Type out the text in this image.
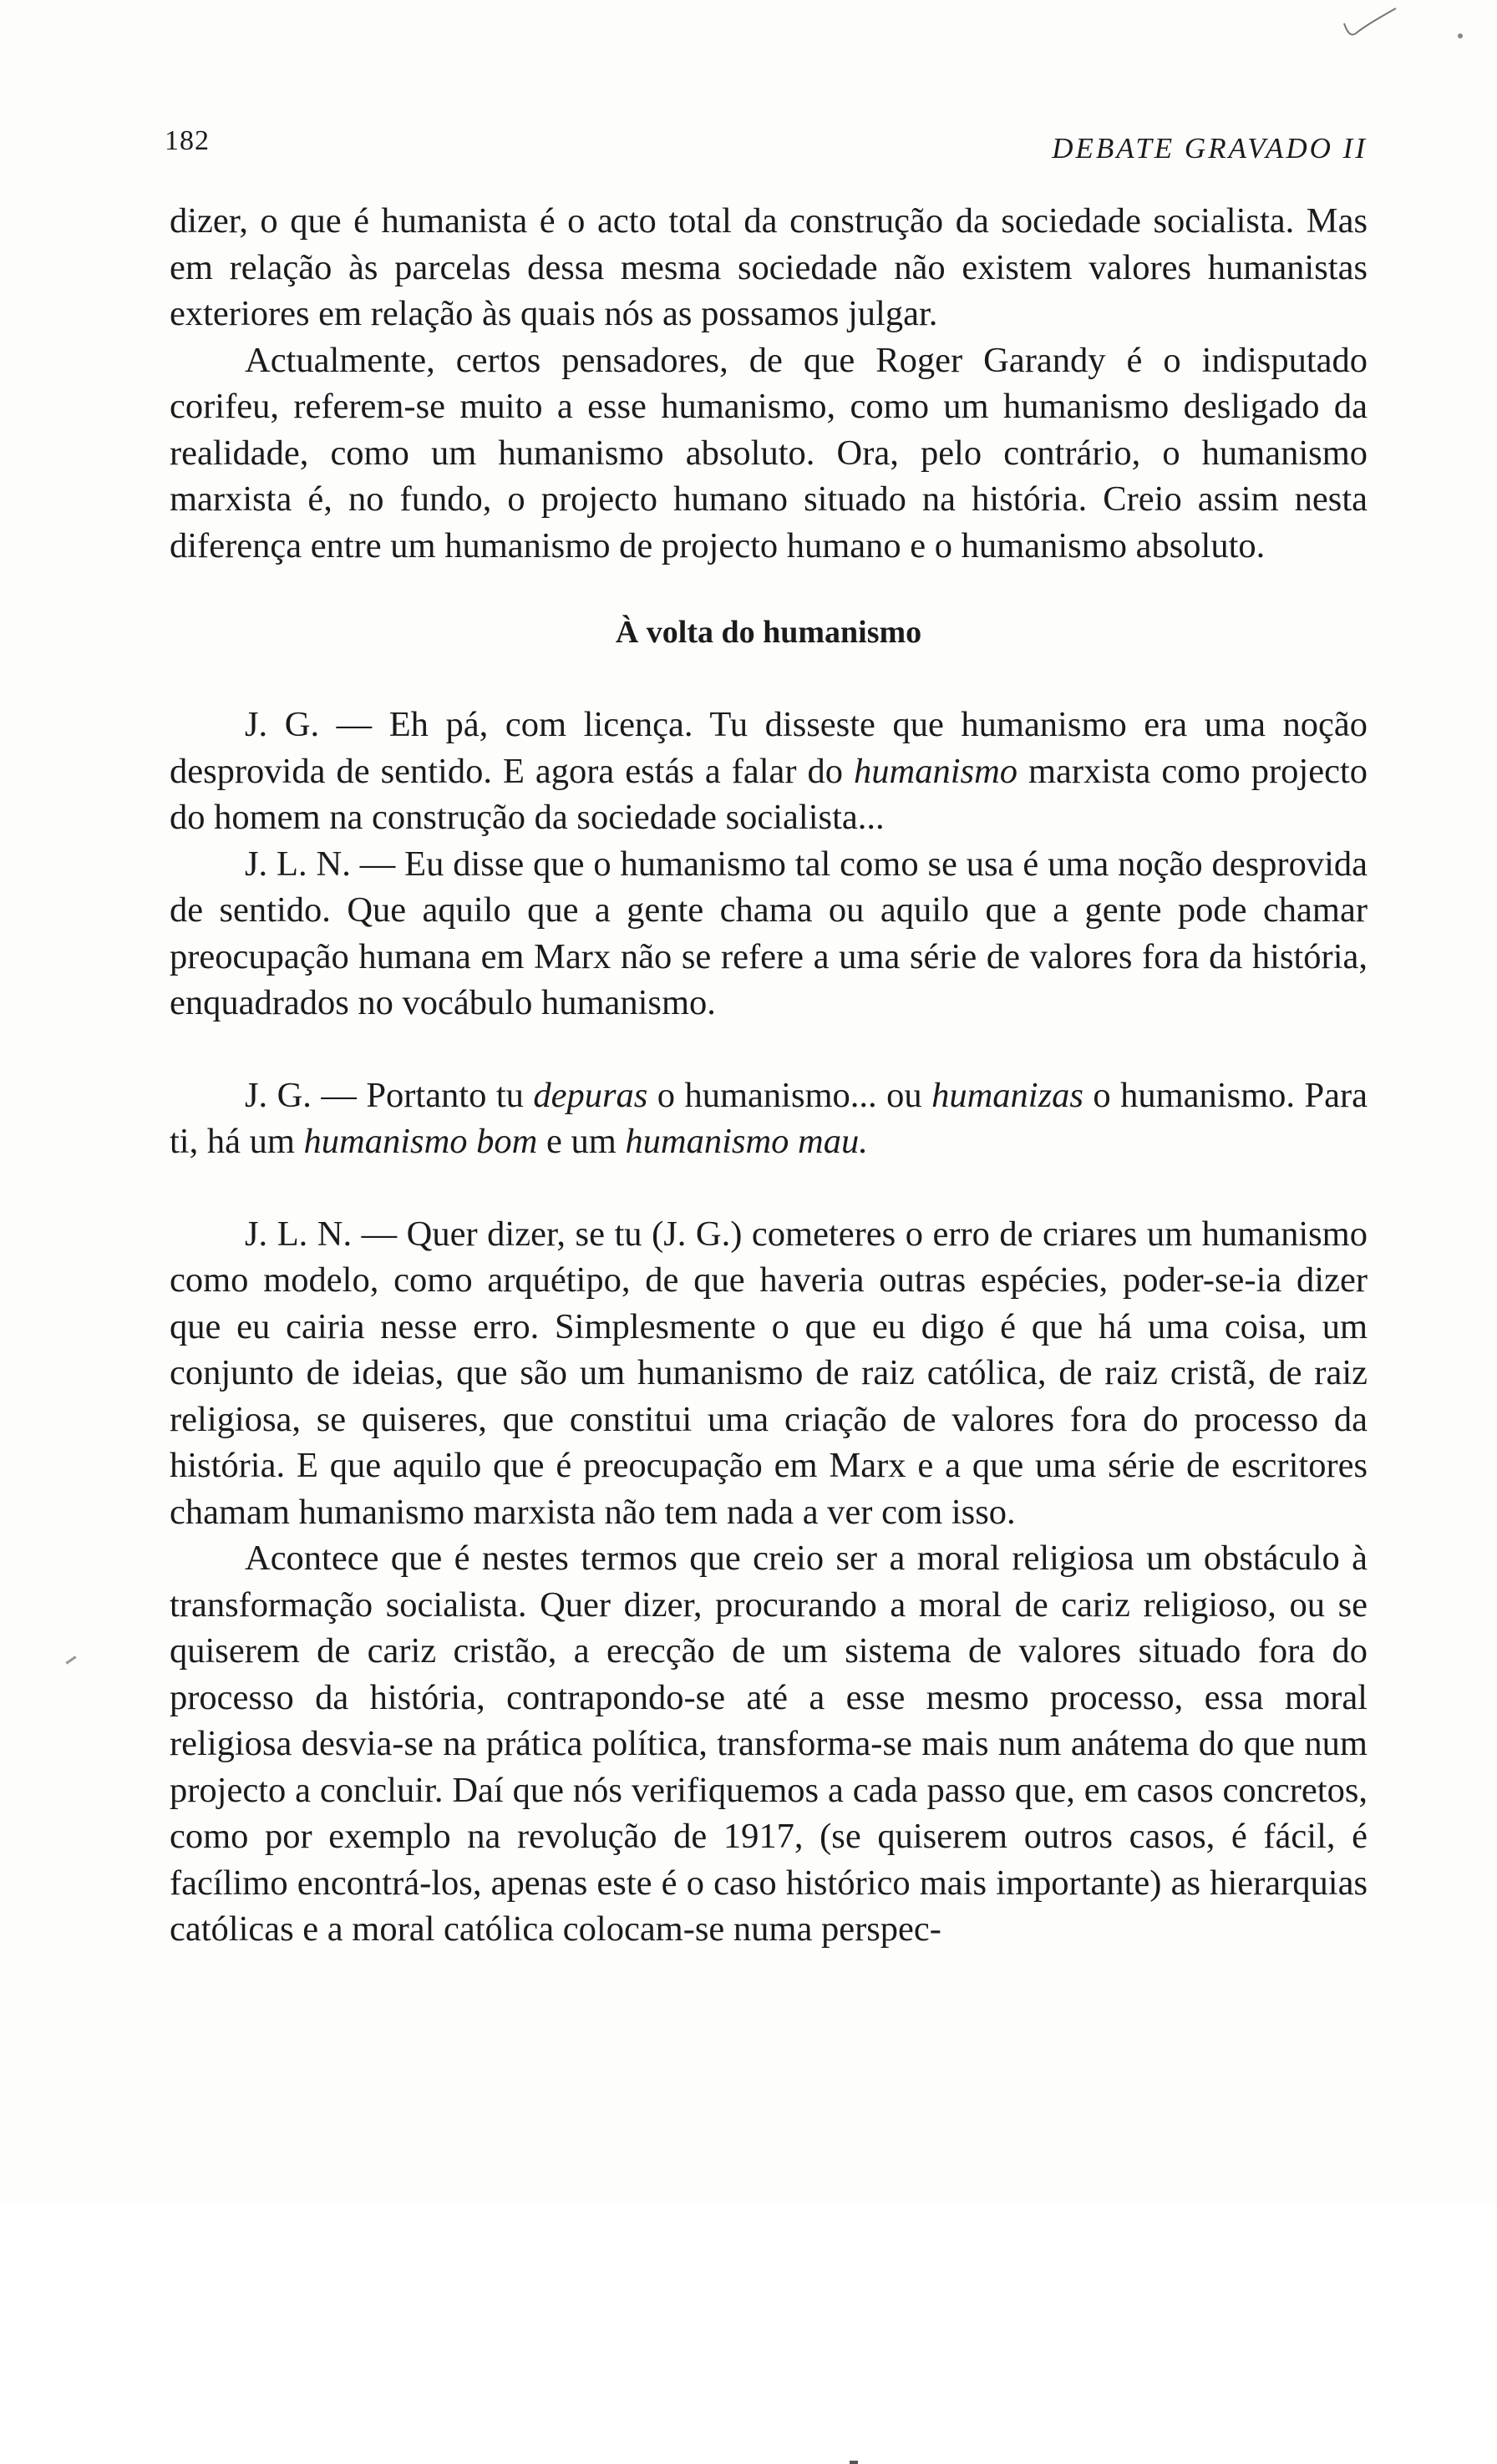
182	DEBATE GRAVADO II

dizer, o que é humanista é o acto total da construção da sociedade socialista. Mas em relação às parcelas dessa mesma sociedade não existem valores humanistas exteriores em relação às quais nós as possamos julgar.

Actualmente, certos pensadores, de que Roger Garandy é o indisputado corifeu, referem-se muito a esse humanismo, como um humanismo desligado da realidade, como um humanismo absoluto. Ora, pelo contrário, o humanismo marxista é, no fundo, o projecto humano situado na história. Creio assim nesta diferença entre um humanismo de projecto humano e o humanismo absoluto.

À volta do humanismo

J. G. — Eh pá, com licença. Tu disseste que humanismo era uma noção desprovida de sentido. E agora estás a falar do humanismo marxista como projecto do homem na construção da sociedade socialista...

J. L. N. — Eu disse que o humanismo tal como se usa é uma noção desprovida de sentido. Que aquilo que a gente chama ou aquilo que a gente pode chamar preocupação humana em Marx não se refere a uma série de valores fora da história, enquadrados no vocábulo humanismo.

J. G. — Portanto tu depuras o humanismo... ou humanizas o humanismo. Para ti, há um humanismo bom e um humanismo mau.

J. L. N. — Quer dizer, se tu (J. G.) cometeres o erro de criares um humanismo como modelo, como arquétipo, de que haveria outras espécies, poder-se-ia dizer que eu cairia nesse erro. Simplesmente o que eu digo é que há uma coisa, um conjunto de ideias, que são um humanismo de raiz católica, de raiz cristã, de raiz religiosa, se quiseres, que constitui uma criação de valores fora do processo da história. E que aquilo que é preocupação em Marx e a que uma série de escritores chamam humanismo marxista não tem nada a ver com isso.

Acontece que é nestes termos que creio ser a moral religiosa um obstáculo à transformação socialista. Quer dizer, procurando a moral de cariz religioso, ou se quiserem de cariz cristão, a erecção de um sistema de valores situado fora do processo da história, contrapondo-se até a esse mesmo processo, essa moral religiosa desvia-se na prática política, transforma-se mais num anátema do que num projecto a concluir. Daí que nós verifiquemos a cada passo que, em casos concretos, como por exemplo na revolução de 1917, (se quiserem outros casos, é fácil, é facílimo encontrá-los, apenas este é o caso histórico mais importante) as hierarquias católicas e a moral católica colocam-se numa perspec-
